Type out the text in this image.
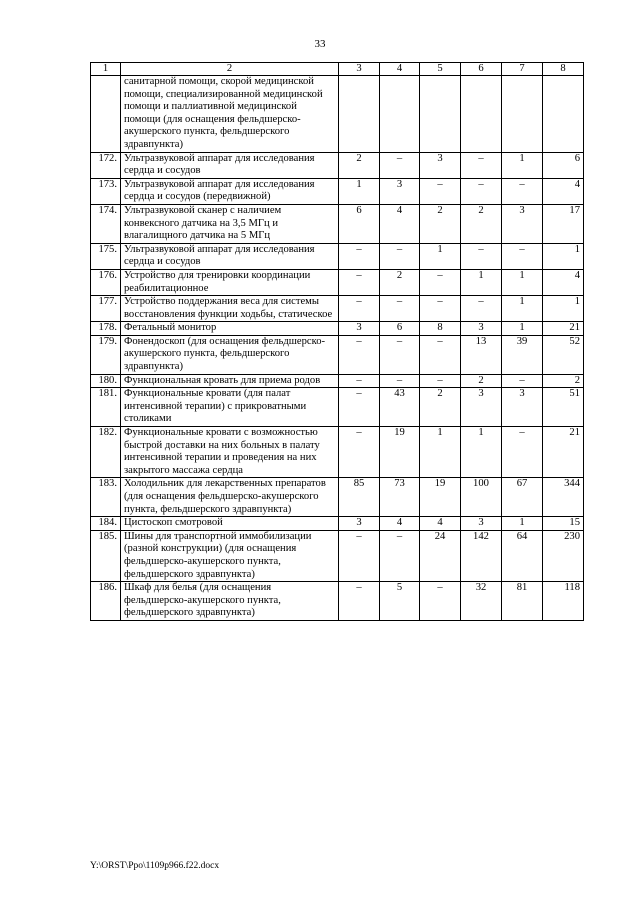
33
1	2	3	4	5	6	7	8
	санитарной помощи, скорой медицинской помощи, специализированной медицинской помощи и паллиативной медицинской помощи (для оснащения фельдшерско-акушерского пункта, фельдшерского здравпункта)						
172.	Ультразвуковой аппарат для исследования сердца и сосудов	2	–	3	–	1	6
173.	Ультразвуковой аппарат для исследования сердца и сосудов (передвижной)	1	3	–	–	–	4
174.	Ультразвуковой сканер с наличием конвексного датчика на 3,5 МГц и влагалищного датчика на 5 МГц	6	4	2	2	3	17
175.	Ультразвуковой аппарат для исследования сердца и сосудов	–	–	1	–	–	1
176.	Устройство для тренировки координации реабилитационное	–	2	–	1	1	4
177.	Устройство поддержания веса для системы восстановления функции ходьбы, статическое	–	–	–	–	1	1
178.	Фетальный монитор	3	6	8	3	1	21
179.	Фонендоскоп (для оснащения фельдшерско-акушерского пункта, фельдшерского здравпункта)	–	–	–	13	39	52
180.	Функциональная кровать для приема родов	–	–	–	2	–	2
181.	Функциональные кровати (для палат интенсивной терапии) с прикроватными столиками	–	43	2	3	3	51
182.	Функциональные кровати с возможностью быстрой доставки на них больных в палату интенсивной терапии и проведения на них закрытого массажа сердца	–	19	1	1	–	21
183.	Холодильник для лекарственных препаратов (для оснащения фельдшерско-акушерского пункта, фельдшерского здравпункта)	85	73	19	100	67	344
184.	Цистоскоп смотровой	3	4	4	3	1	15
185.	Шины для транспортной иммобилизации (разной конструкции) (для оснащения фельдшерско-акушерского пункта, фельдшерского здравпункта)	–	–	24	142	64	230
186.	Шкаф для белья (для оснащения фельдшерско-акушерского пункта, фельдшерского здравпункта)	–	5	–	32	81	118
Y:\ORST\Ppo\1109p966.f22.docx
